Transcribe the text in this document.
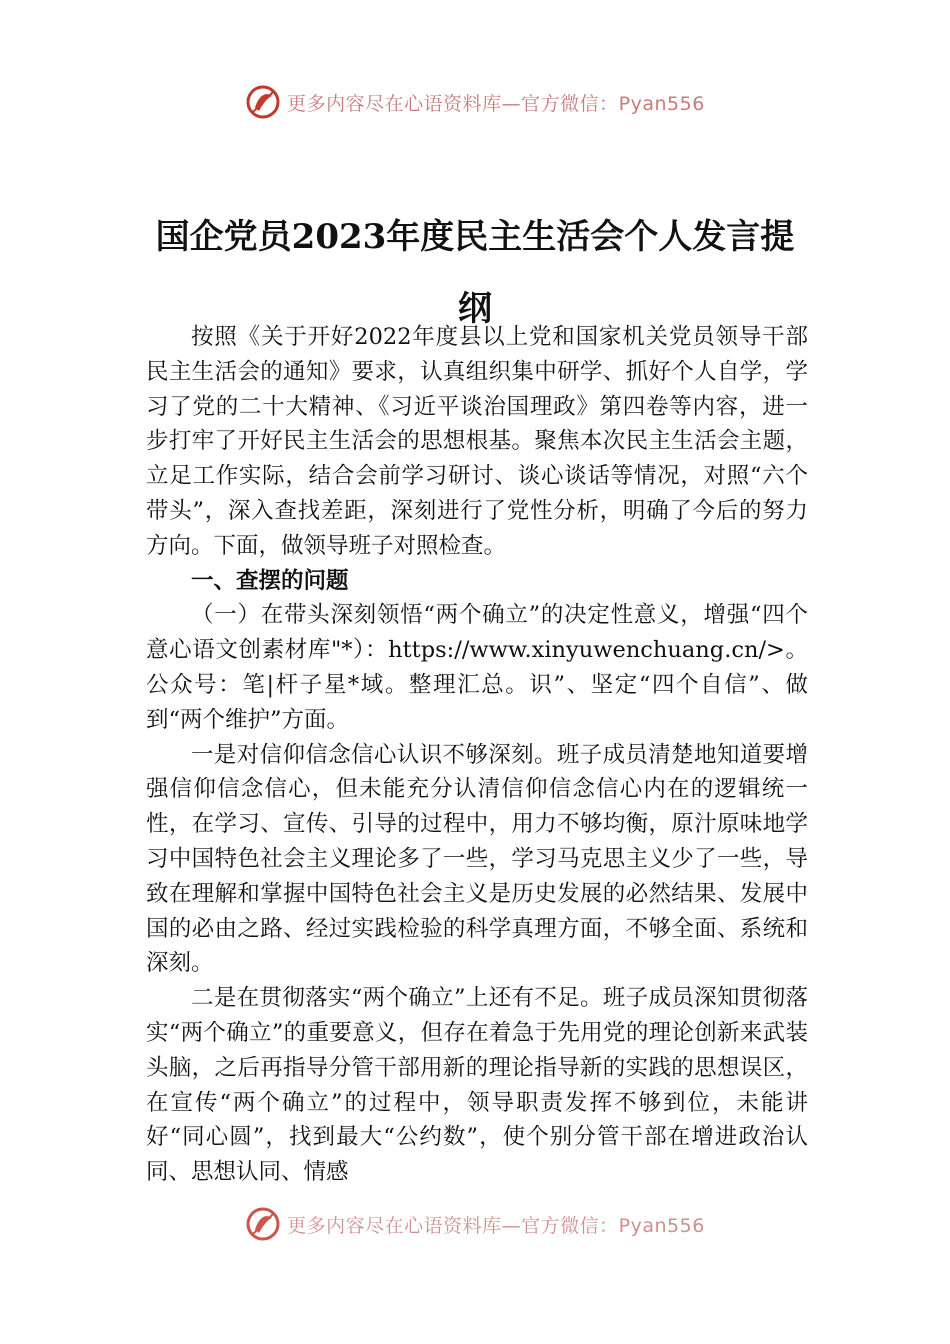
更多内容尽在心语资料库—官方微信：Pyan556
国企党员2023年度民主生活会个人发言提纲

按照《关于开好2022年度县以上党和国家机关党员领导干部民主生活会的通知》要求，认真组织集中研学、抓好个人自学，学习了党的二十大精神、《习近平谈治国理政》第四卷等内容，进一步打牢了开好民主生活会的思想根基。聚焦本次民主生活会主题，立足工作实际，结合会前学习研讨、谈心谈话等情况，对照“六个带头”，深入查找差距，深刻进行了党性分析，明确了今后的努力方向。下面，做领导班子对照检查。

一、查摆的问题

（一）在带头深刻领悟“两个确立”的决定性意义，增强“四个意心语文创素材库"*）：https://www.xinyuwenchuang.cn/>。公众号：笔|杆子星*域。整理汇总。识”、坚定“四个自信”、做到“两个维护”方面。

一是对信仰信念信心认识不够深刻。班子成员清楚地知道要增强信仰信念信心，但未能充分认清信仰信念信心内在的逻辑统一性，在学习、宣传、引导的过程中，用力不够均衡，原汁原味地学习中国特色社会主义理论多了一些，学习马克思主义少了一些，导致在理解和掌握中国特色社会主义是历史发展的必然结果、发展中国的必由之路、经过实践检验的科学真理方面，不够全面、系统和深刻。

二是在贯彻落实“两个确立”上还有不足。班子成员深知贯彻落实“两个确立”的重要意义，但存在着急于先用党的理论创新来武装头脑，之后再指导分管干部用新的理论指导新的实践的思想误区，在宣传“两个确立”的过程中，领导职责发挥不够到位，未能讲好“同心圆”，找到最大“公约数”，使个别分管干部在增进政治认同、思想认同、情感

更多内容尽在心语资料库—官方微信：Pyan556
